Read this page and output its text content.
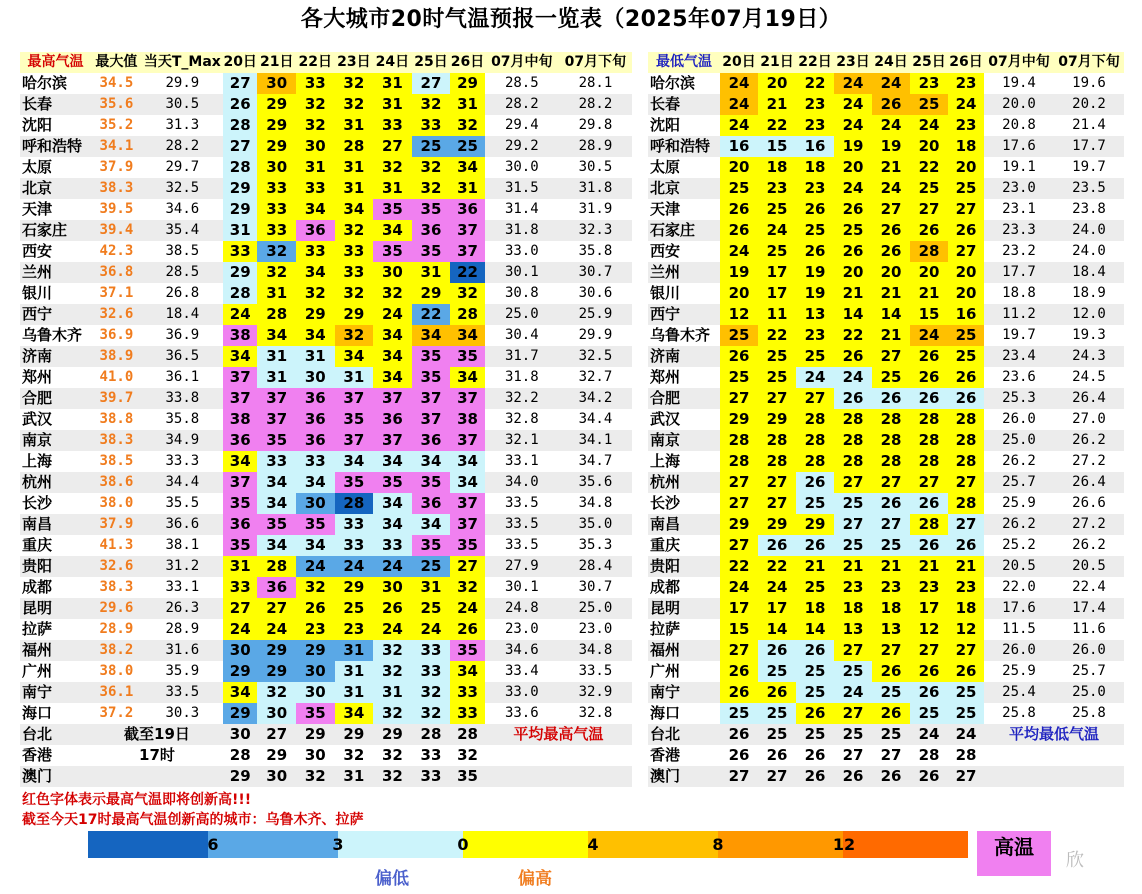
各大城市20时气温预报一览表（2025年07月19日）
最高气温	最大值	当天T_Max	20日	21日	22日	23日	24日	25日	26日	07月中旬	07月下旬
哈尔滨	34.5	29.9	27	30	33	32	31	27	29	28.5	28.1
长春	35.6	30.5	26	29	32	32	31	32	31	28.2	28.2
沈阳	35.2	31.3	28	29	32	31	33	33	32	29.4	29.8
呼和浩特	34.1	28.2	27	29	30	28	27	25	25	29.2	28.9
太原	37.9	29.7	28	30	31	31	32	32	34	30.0	30.5
北京	38.3	32.5	29	33	33	31	31	32	31	31.5	31.8
天津	39.5	34.6	29	33	34	34	35	35	36	31.4	31.9
石家庄	39.4	35.4	31	33	36	32	34	36	37	31.8	32.3
西安	42.3	38.5	33	32	33	33	35	35	37	33.0	35.8
兰州	36.8	28.5	29	32	34	33	30	31	22	30.1	30.7
银川	37.1	26.8	28	31	32	32	32	29	32	30.8	30.6
西宁	32.6	18.4	24	28	29	29	24	22	28	25.0	25.9
乌鲁木齐	36.9	36.9	38	34	34	32	34	34	34	30.4	29.9
济南	38.9	36.5	34	31	31	34	34	35	35	31.7	32.5
郑州	41.0	36.1	37	31	30	31	34	35	34	31.8	32.7
合肥	39.7	33.8	37	37	36	37	37	37	37	32.2	34.2
武汉	38.8	35.8	38	37	36	35	36	37	38	32.8	34.4
南京	38.3	34.9	36	35	36	37	37	36	37	32.1	34.1
上海	38.5	33.3	34	33	33	34	34	34	34	33.1	34.7
杭州	38.6	34.4	37	34	34	35	35	35	34	34.0	35.6
长沙	38.0	35.5	35	34	30	28	34	36	37	33.5	34.8
南昌	37.9	36.6	36	35	35	33	34	34	37	33.5	35.0
重庆	41.3	38.1	35	34	34	33	33	35	35	33.5	35.3
贵阳	32.6	31.2	31	28	24	24	24	25	27	27.9	28.4
成都	38.3	33.1	33	36	32	29	30	31	32	30.1	30.7
昆明	29.6	26.3	27	27	26	25	26	25	24	24.8	25.0
拉萨	28.9	28.9	24	24	23	23	24	24	26	23.0	23.0
福州	38.2	31.6	30	29	29	31	32	33	35	34.6	34.8
广州	38.0	35.9	29	29	30	31	32	33	34	33.4	33.5
南宁	36.1	33.5	34	32	30	31	31	32	33	33.0	32.9
海口	37.2	30.3	29	30	35	34	32	32	33	33.6	32.8
台北	截至19日		30	27	29	29	29	28	28	平均最高气温	
香港	17时		28	29	30	32	32	33	32		
澳门			29	30	32	31	32	33	35		
最低气温	20日	21日	22日	23日	24日	25日	26日	07月中旬	07月下旬
哈尔滨	24	20	22	24	24	23	23	19.4	19.6
长春	24	21	23	24	26	25	24	20.0	20.2
沈阳	24	22	23	24	24	24	23	20.8	21.4
呼和浩特	16	15	16	19	19	20	18	17.6	17.7
太原	20	18	18	20	21	22	20	19.1	19.7
北京	25	23	23	24	24	25	25	23.0	23.5
天津	26	25	26	26	27	27	27	23.1	23.8
石家庄	26	24	25	25	26	26	26	23.3	24.0
西安	24	25	26	26	26	28	27	23.2	24.0
兰州	19	17	19	20	20	20	20	17.7	18.4
银川	20	17	19	21	21	21	20	18.8	18.9
西宁	12	11	13	14	14	15	16	11.2	12.0
乌鲁木齐	25	22	23	22	21	24	25	19.7	19.3
济南	26	25	25	26	27	26	25	23.4	24.3
郑州	25	25	24	24	25	26	26	23.6	24.5
合肥	27	27	27	26	26	26	26	25.3	26.4
武汉	29	29	28	28	28	28	28	26.0	27.0
南京	28	28	28	28	28	28	28	25.0	26.2
上海	28	28	28	28	28	28	28	26.2	27.2
杭州	27	27	26	27	27	27	27	25.7	26.4
长沙	27	27	25	25	26	26	28	25.9	26.6
南昌	29	29	29	27	27	28	27	26.2	27.2
重庆	27	26	26	25	25	26	26	25.2	26.2
贵阳	22	22	21	21	21	21	21	20.5	20.5
成都	24	24	25	23	23	23	23	22.0	22.4
昆明	17	17	18	18	18	17	18	17.6	17.4
拉萨	15	14	14	13	13	12	12	11.5	11.6
福州	27	26	26	27	27	27	27	26.0	26.0
广州	26	25	25	25	26	26	26	25.9	25.7
南宁	26	26	25	24	25	26	25	25.4	25.0
海口	25	25	26	27	26	25	25	25.8	25.8
台北	26	25	25	25	25	24	24	平均最低气温	
香港	26	26	26	27	27	28	28		
澳门	27	27	26	26	26	26	27		
红色字体表示最高气温即将创新高!!!
截至今天17时最高气温创新高的城市：乌鲁木齐、拉萨
6	3	0	4	8	12	高温
偏低	偏高
欣
